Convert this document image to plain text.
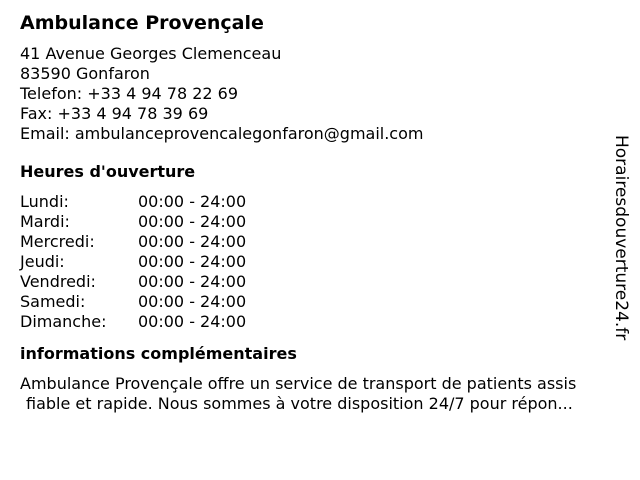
Ambulance Provençale
41 Avenue Georges Clemenceau
83590 Gonfaron
Telefon: +33 4 94 78 22 69
Fax: +33 4 94 78 39 69
Email: ambulanceprovencalegonfaron@gmail.com
Heures d'ouverture
Lundi:	00:00 - 24:00
Mardi:	00:00 - 24:00
Mercredi:	00:00 - 24:00
Jeudi:	00:00 - 24:00
Vendredi:	00:00 - 24:00
Samedi:	00:00 - 24:00
Dimanche:	00:00 - 24:00
informations complémentaires
Ambulance Provençale offre un service de transport de patients assis
fiable et rapide. Nous sommes à votre disposition 24/7 pour répon...
Horairesdouverture24.fr
